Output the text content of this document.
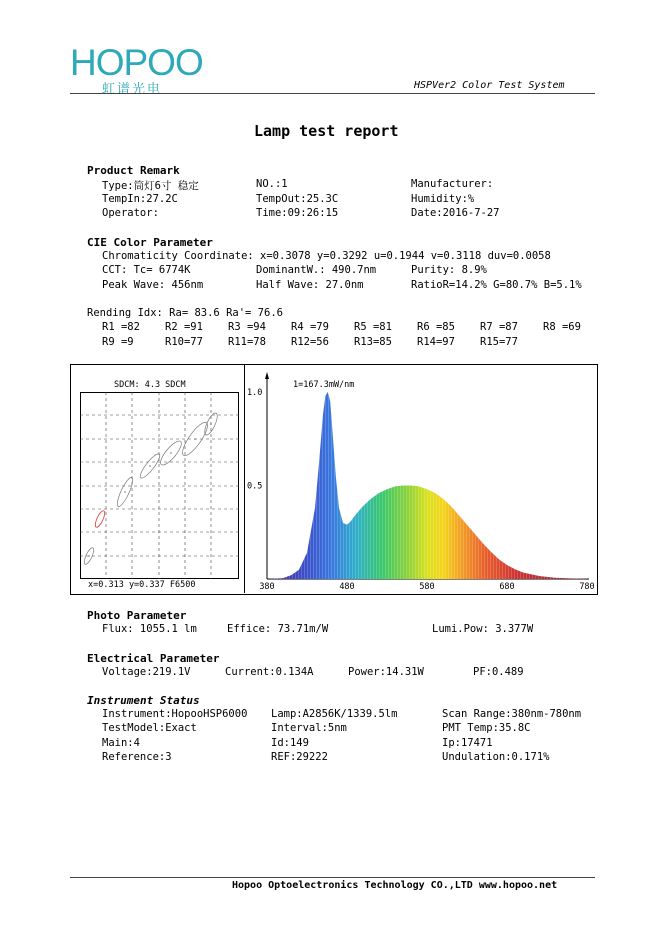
HOPOO
虹谱光电	HSPVer2 Color Test System
Lamp test report
Product Remark
Type:筒灯6寸 稳定	NO.:1	Manufacturer:
TempIn:27.2C	TempOut:25.3C	Humidity:%
Operator:	Time:09:26:15	Date:2016-7-27
CIE Color Parameter
Chromaticity Coordinate: x=0.3078 y=0.3292 u=0.1944 v=0.3118 duv=0.0058
CCT: Tc= 6774K	DominantW.: 490.7nm	Purity: 8.9%
Peak Wave: 456nm	Half Wave: 27.0nm	RatioR=14.2% G=80.7% B=5.1%
Rending Idx: Ra= 83.6 Ra'= 76.6
R1 =82 R2 =91 R3 =94 R4 =79 R5 =81 R6 =85 R7 =87 R8 =69
R9 =9	R10=77 R11=78 R12=56 R13=85 R14=97 R15=77
SDCM: 4.3 SDCM
x=0.313 y=0.337 F6500	380	480	580	680	780
1.0
0.5
1=167.3mW/nm
Photo Parameter
Flux: 1055.1 lm	Effice: 73.71m/W	Lumi.Pow: 3.377W
Electrical Parameter
Voltage:219.1V	Current:0.134A	Power:14.31W	PF:0.489
Instrument Status
Instrument:HopooHSP6000 Lamp:A2856K/1339.5lm	Scan Range:380nm-780nm
TestModel:Exact	Interval:5nm	PMT Temp:35.8C
Main:4	Id:149	Ip:17471
Reference:3	REF:29222	Undulation:0.171%
Hopoo Optoelectronics Technology CO.,LTD www.hopoo.net
